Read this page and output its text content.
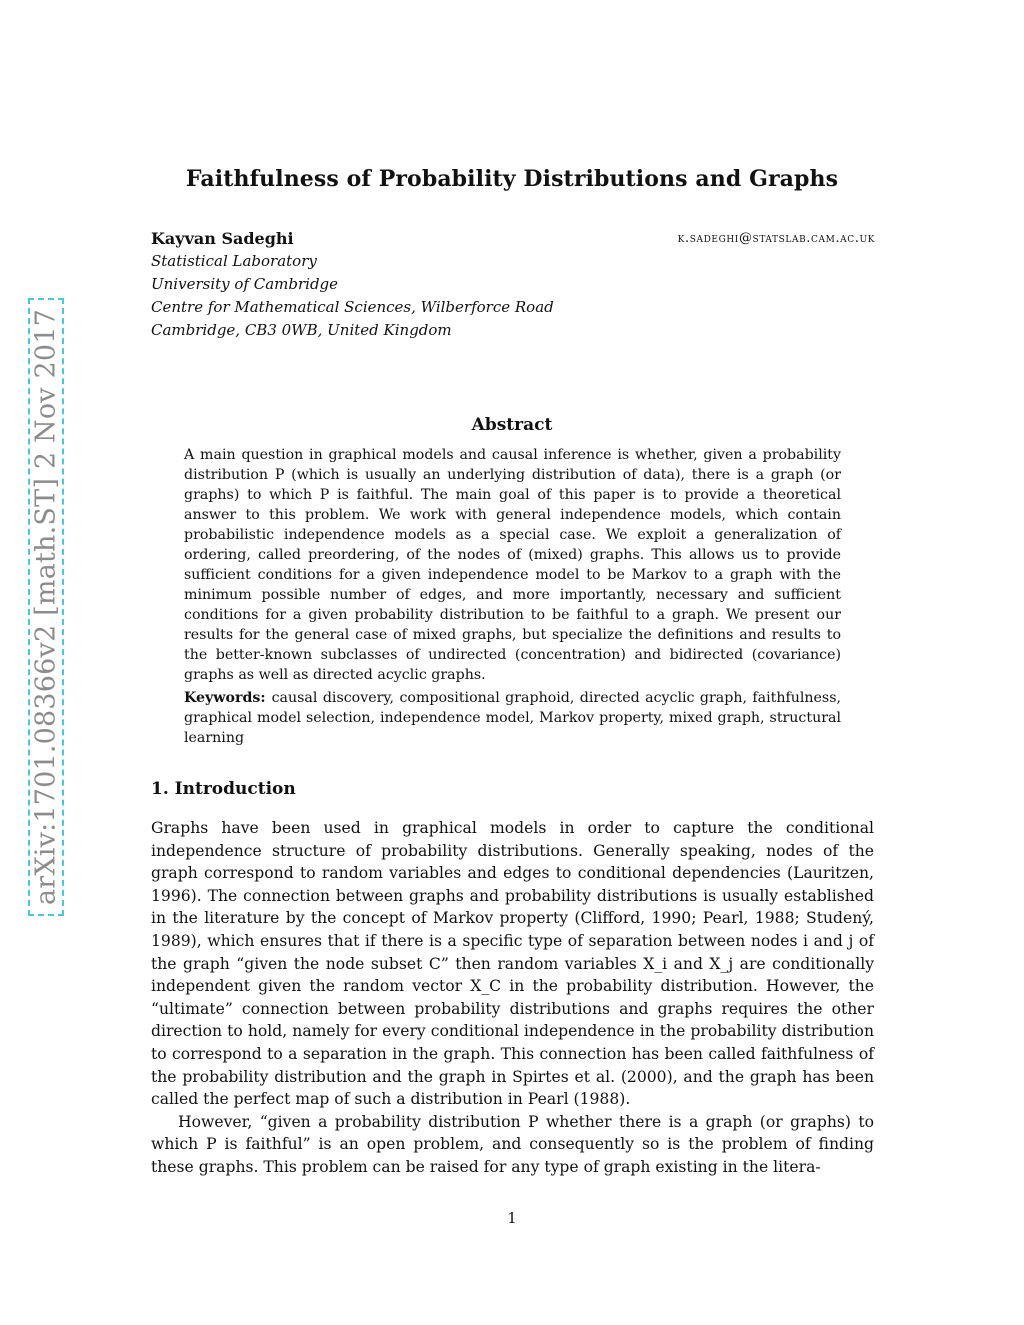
arXiv:1701.08366v2 [math.ST] 2 Nov 2017
Faithfulness of Probability Distributions and Graphs
Kayvan Sadeghi	k.sadeghi@statslab.cam.ac.uk
Statistical Laboratory
University of Cambridge
Centre for Mathematical Sciences, Wilberforce Road
Cambridge, CB3 0WB, United Kingdom
Abstract
A main question in graphical models and causal inference is whether, given a probability distribution P (which is usually an underlying distribution of data), there is a graph (or graphs) to which P is faithful. The main goal of this paper is to provide a theoretical answer to this problem. We work with general independence models, which contain probabilistic independence models as a special case. We exploit a generalization of ordering, called preordering, of the nodes of (mixed) graphs. This allows us to provide sufficient conditions for a given independence model to be Markov to a graph with the minimum possible number of edges, and more importantly, necessary and sufficient conditions for a given probability distribution to be faithful to a graph. We present our results for the general case of mixed graphs, but specialize the definitions and results to the better-known subclasses of undirected (concentration) and bidirected (covariance) graphs as well as directed acyclic graphs.
Keywords: causal discovery, compositional graphoid, directed acyclic graph, faithfulness, graphical model selection, independence model, Markov property, mixed graph, structural learning
1. Introduction

Graphs have been used in graphical models in order to capture the conditional independence structure of probability distributions. Generally speaking, nodes of the graph correspond to random variables and edges to conditional dependencies (Lauritzen, 1996). The connection between graphs and probability distributions is usually established in the literature by the concept of Markov property (Clifford, 1990; Pearl, 1988; Studený, 1989), which ensures that if there is a specific type of separation between nodes i and j of the graph “given the node subset C” then random variables X_i and X_j are conditionally independent given the random vector X_C in the probability distribution. However, the “ultimate” connection between probability distributions and graphs requires the other direction to hold, namely for every conditional independence in the probability distribution to correspond to a separation in the graph. This connection has been called faithfulness of the probability distribution and the graph in Spirtes et al. (2000), and the graph has been called the perfect map of such a distribution in Pearl (1988).

However, “given a probability distribution P whether there is a graph (or graphs) to which P is faithful” is an open problem, and consequently so is the problem of finding these graphs. This problem can be raised for any type of graph existing in the litera-

1
